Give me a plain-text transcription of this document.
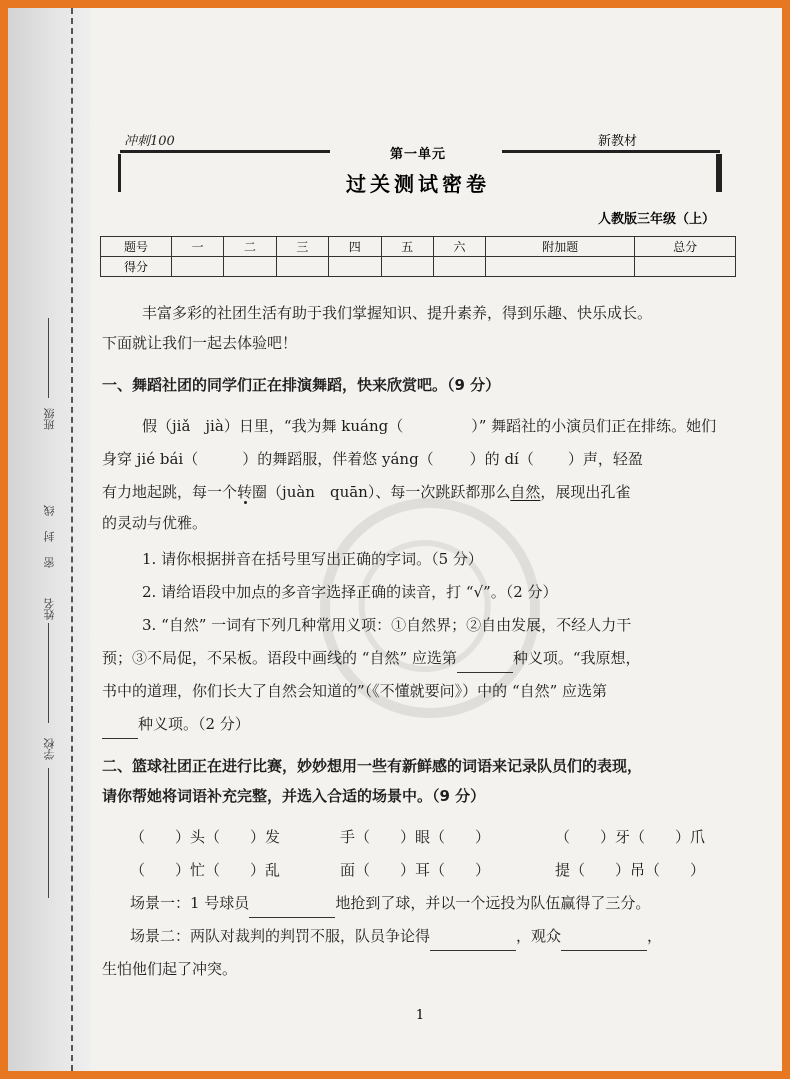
班级
密　封　线
姓名
学校
冲刺100	新教材
第一单元
过关测试密卷
人教版三年级（上）
题号	一	二	三	四	五	六	附加题	总分
得分								
丰富多彩的社团生活有助于我们掌握知识、提升素养，得到乐趣、快乐成长。
下面就让我们一起去体验吧！
一、舞蹈社团的同学们正在排演舞蹈，快来欣赏吧。（9 分）
假（jiǎ　jià）日里，“我为舞 kuáng（	）” 舞蹈社的小演员们正在排练。她们
身穿 jié bái（	）的舞蹈服，伴着悠 yáng（ ）的 dí（ ）声，轻盈
有力地起跳，每一个转圈（juàn　quān）、每一次跳跃都那么自然，展现出孔雀
的灵动与优雅。
1. 请你根据拼音在括号里写出正确的字词。（5 分）
2. 请给语段中加点的多音字选择正确的读音，打 “√”。（2 分）
3. “自然” 一词有下列几种常用义项：①自然界；②自由发展，不经人力干
预；③不局促，不呆板。语段中画线的 “自然” 应选第	种义项。“我原想，
书中的道理，你们长大了自然会知道的”（《不懂就要问》）中的 “自然” 应选第
种义项。（2 分）
二、篮球社团正在进行比赛，妙妙想用一些有新鲜感的词语来记录队员们的表现，
请你帮她将词语补充完整，并选入合适的场景中。（9 分）
（　　）头（　　）发	手（　　）眼（　　）	（　　）牙（　　）爪
（　　）忙（　　）乱	面（　　）耳（　　）	提（　　）吊（　　）
场景一：1 号球员	地抢到了球，并以一个远投为队伍赢得了三分。
场景二：两队对裁判的判罚不服，队员争论得	，观众	，
生怕他们起了冲突。
1
